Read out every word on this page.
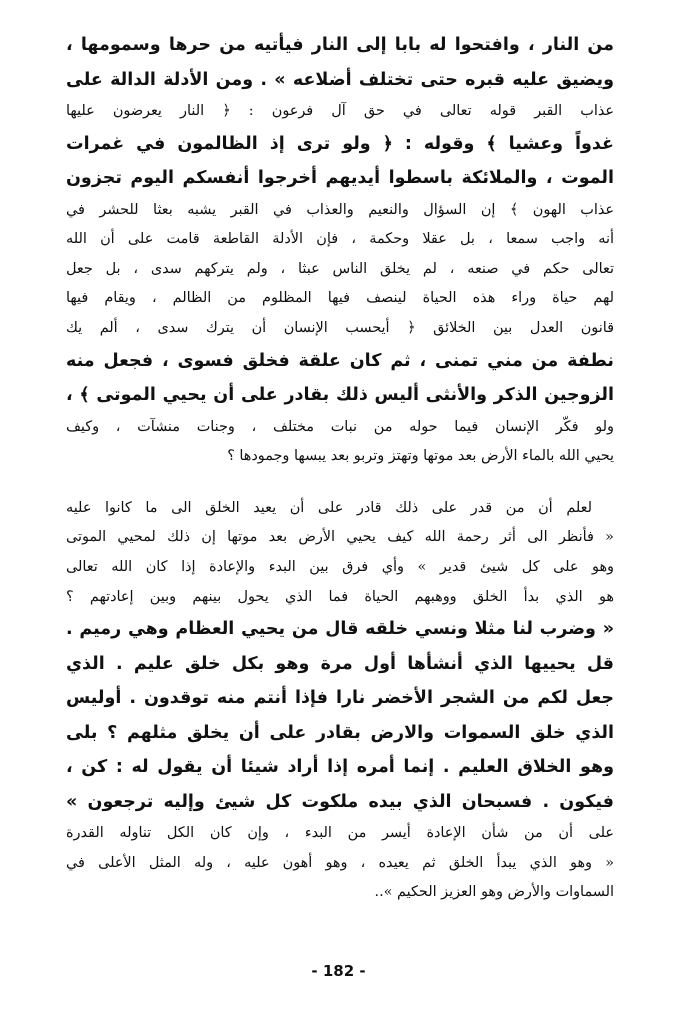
من النار ، وافتحوا له بابا إلى النار فيأتيه من حرها وسمومها ،
ويضيق عليه قبره حتى تختلف أضلاعه » . ومن الأدلة الدالة على
عذاب القبر قوله تعالى في حق آل فرعون : ﴿ النار يعرضون عليها
غدواً وعشيا ﴾ وقوله : ﴿ ولو ترى إذ الظالمون في غمرات
الموت ، والملائكة باسطوا أيديهم أخرجوا أنفسكم اليوم تجزون
عذاب الهون ﴾ إن السؤال والنعيم والعذاب في القبر يشبه بعثا للحشر في
أنه واجب سمعا ، بل عقلا وحكمة ، فإن الأدلة القاطعة قامت على أن الله
تعالى حكم في صنعه ، لم يخلق الناس عبثا ، ولم يتركهم سدى ، بل جعل
لهم حياة وراء هذه الحياة لينصف فيها المظلوم من الظالم ، ويقام فيها
قانون العدل بين الخلائق ﴿ أيحسب الإنسان أن يترك سدى ، ألم يك
نطفة من مني تمنى ، ثم كان علقة فخلق فسوى ، فجعل منه
الزوجين الذكر والأنثى أليس ذلك بقادر على أن يحيي الموتى ﴾ ،
ولو فكّر الإنسان فيما حوله من نبات مختلف ، وجنات منشآت ، وكيف
يحيي الله بالماء الأرض بعد موتها وتهتز وتربو بعد يبسها وجمودها ؟
لعلم أن من قدر على ذلك قادر على أن يعيد الخلق الى ما كانوا عليه
« فأنظر الى أثر رحمة الله كيف يحيي الأرض بعد موتها إن ذلك لمحيي الموتى
وهو على كل شيئ قدير » وأي فرق بين البدء والإعادة إذا كان الله تعالى
هو الذي بدأ الخلق ووهبهم الحياة فما الذي يحول بينهم وبين إعادتهم ؟
« وضرب لنا مثلا ونسي خلقه قال من يحيي العظام وهي رميم .
قل يحييها الذي أنشأها أول مرة وهو بكل خلق عليم . الذي
جعل لكم من الشجر الأخضر نارا فإذا أنتم منه توقدون . أوليس
الذي خلق السموات والارض بقادر على أن يخلق مثلهم ؟ بلى
وهو الخلاق العليم . إنما أمره إذا أراد شيئا أن يقول له : كن ،
فيكون . فسبحان الذي بيده ملكوت كل شيئ وإليه ترجعون »
على أن من شأن الإعادة أيسر من البدء ، وإن كان الكل تناوله القدرة
« وهو الذي يبدأ الخلق ثم يعيده ، وهو أهون عليه ، وله المثل الأعلى في
السماوات والأرض وهو العزيز الحكيم »..
- 182 -
